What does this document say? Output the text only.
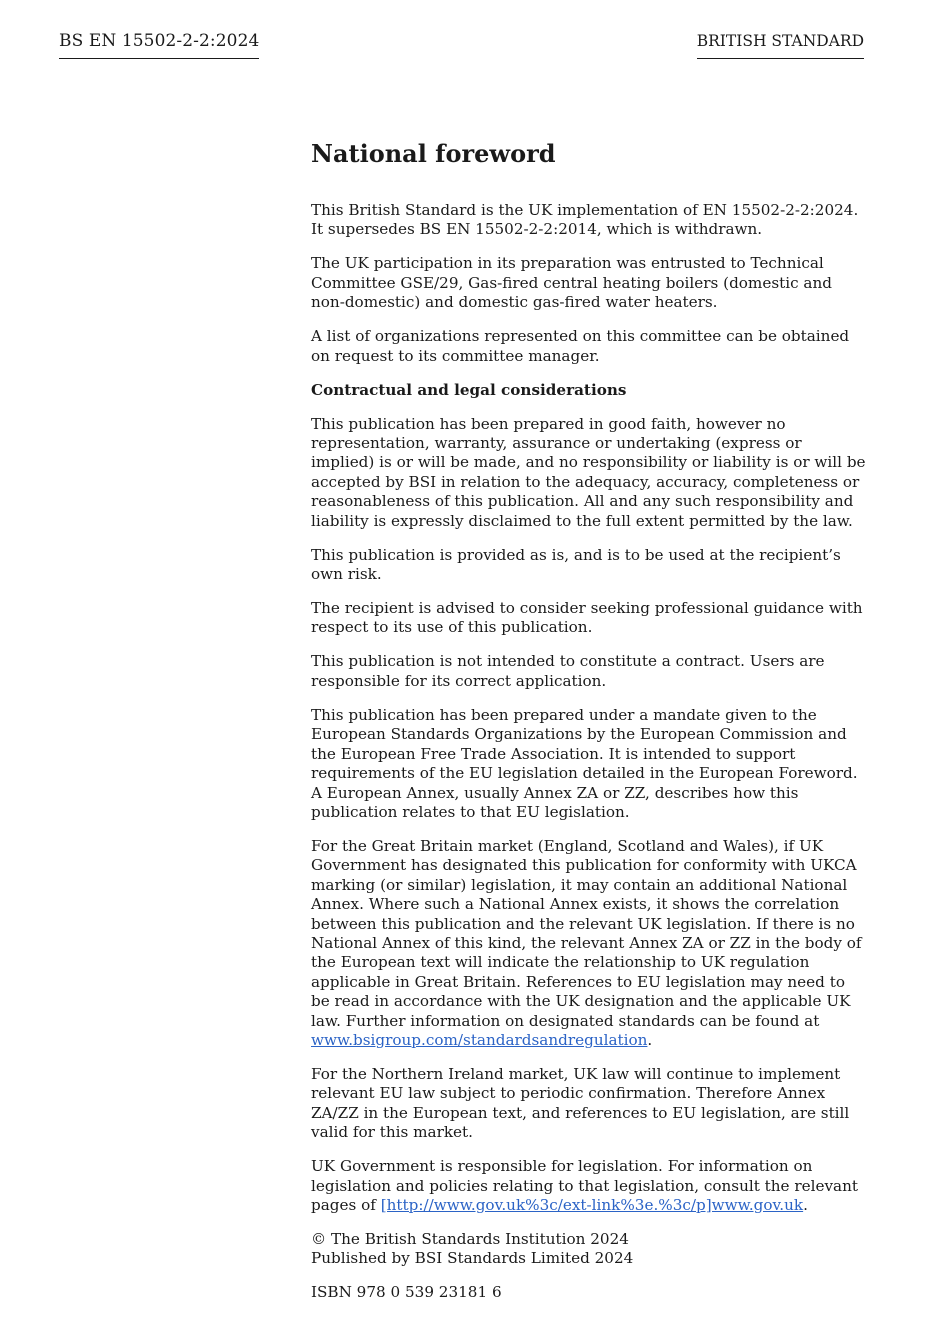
BS EN 15502-2-2:2024	BRITISH STANDARD
National foreword

This British Standard is the UK implementation of EN 15502-2-2:2024. It supersedes BS EN 15502-2-2:2014, which is withdrawn.

The UK participation in its preparation was entrusted to Technical Committee GSE/29, Gas-fired central heating boilers (domestic and non-domestic) and domestic gas-fired water heaters.

A list of organizations represented on this committee can be obtained on request to its committee manager.

Contractual and legal considerations

This publication has been prepared in good faith, however no representation, warranty, assurance or undertaking (express or implied) is or will be made, and no responsibility or liability is or will be accepted by BSI in relation to the adequacy, accuracy, completeness or reasonableness of this publication. All and any such responsibility and liability is expressly disclaimed to the full extent permitted by the law.

This publication is provided as is, and is to be used at the recipient’s own risk.

The recipient is advised to consider seeking professional guidance with respect to its use of this publication.

This publication is not intended to constitute a contract. Users are responsible for its correct application.

This publication has been prepared under a mandate given to the European Standards Organizations by the European Commission and the European Free Trade Association. It is intended to support requirements of the EU legislation detailed in the European Foreword. A European Annex, usually Annex ZA or ZZ, describes how this publication relates to that EU legislation.

For the Great Britain market (England, Scotland and Wales), if UK Government has designated this publication for conformity with UKCA marking (or similar) legislation, it may contain an additional National Annex. Where such a National Annex exists, it shows the correlation between this publication and the relevant UK legislation. If there is no National Annex of this kind, the relevant Annex ZA or ZZ in the body of the European text will indicate the relationship to UK regulation applicable in Great Britain. References to EU legislation may need to be read in accordance with the UK designation and the applicable UK law. Further information on designated standards can be found at www.bsigroup.com/standardsandregulation.

For the Northern Ireland market, UK law will continue to implement relevant EU law subject to periodic confirmation. Therefore Annex ZA/ZZ in the European text, and references to EU legislation, are still valid for this market.

UK Government is responsible for legislation. For information on legislation and policies relating to that legislation, consult the relevant pages of [http://www.gov.uk%3c/ext-link%3e.%3c/p]www.gov.uk.

© The British Standards Institution 2024
Published by BSI Standards Limited 2024

ISBN 978 0 539 23181 6
